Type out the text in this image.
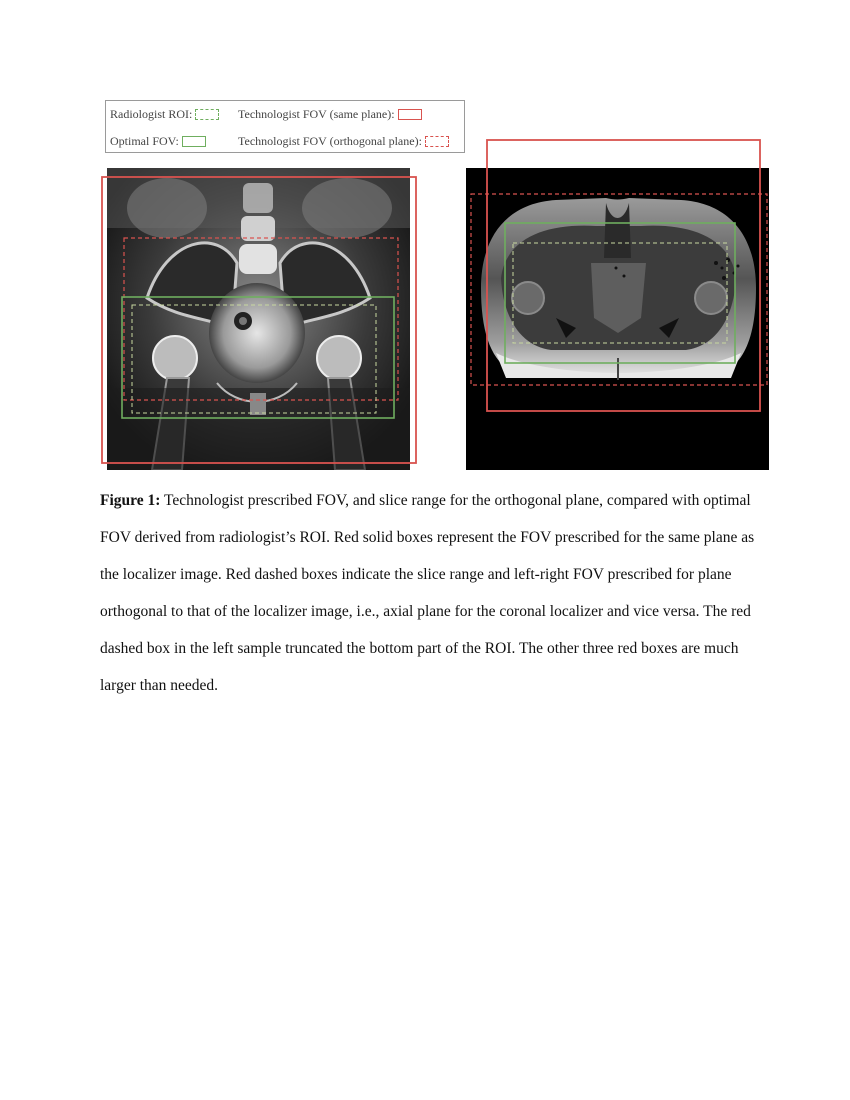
Radiologist ROI:	Technologist FOV (same plane):
Optimal FOV:	Technologist FOV (orthogonal plane):

Figure 1: Technologist prescribed FOV, and slice range for the orthogonal plane, compared with optimal FOV derived from radiologist’s ROI. Red solid boxes represent the FOV prescribed for the same plane as the localizer image. Red dashed boxes indicate the slice range and left-right FOV prescribed for plane orthogonal to that of the localizer image, i.e., axial plane for the coronal localizer and vice versa. The red dashed box in the left sample truncated the bottom part of the ROI. The other three red boxes are much larger than needed.
